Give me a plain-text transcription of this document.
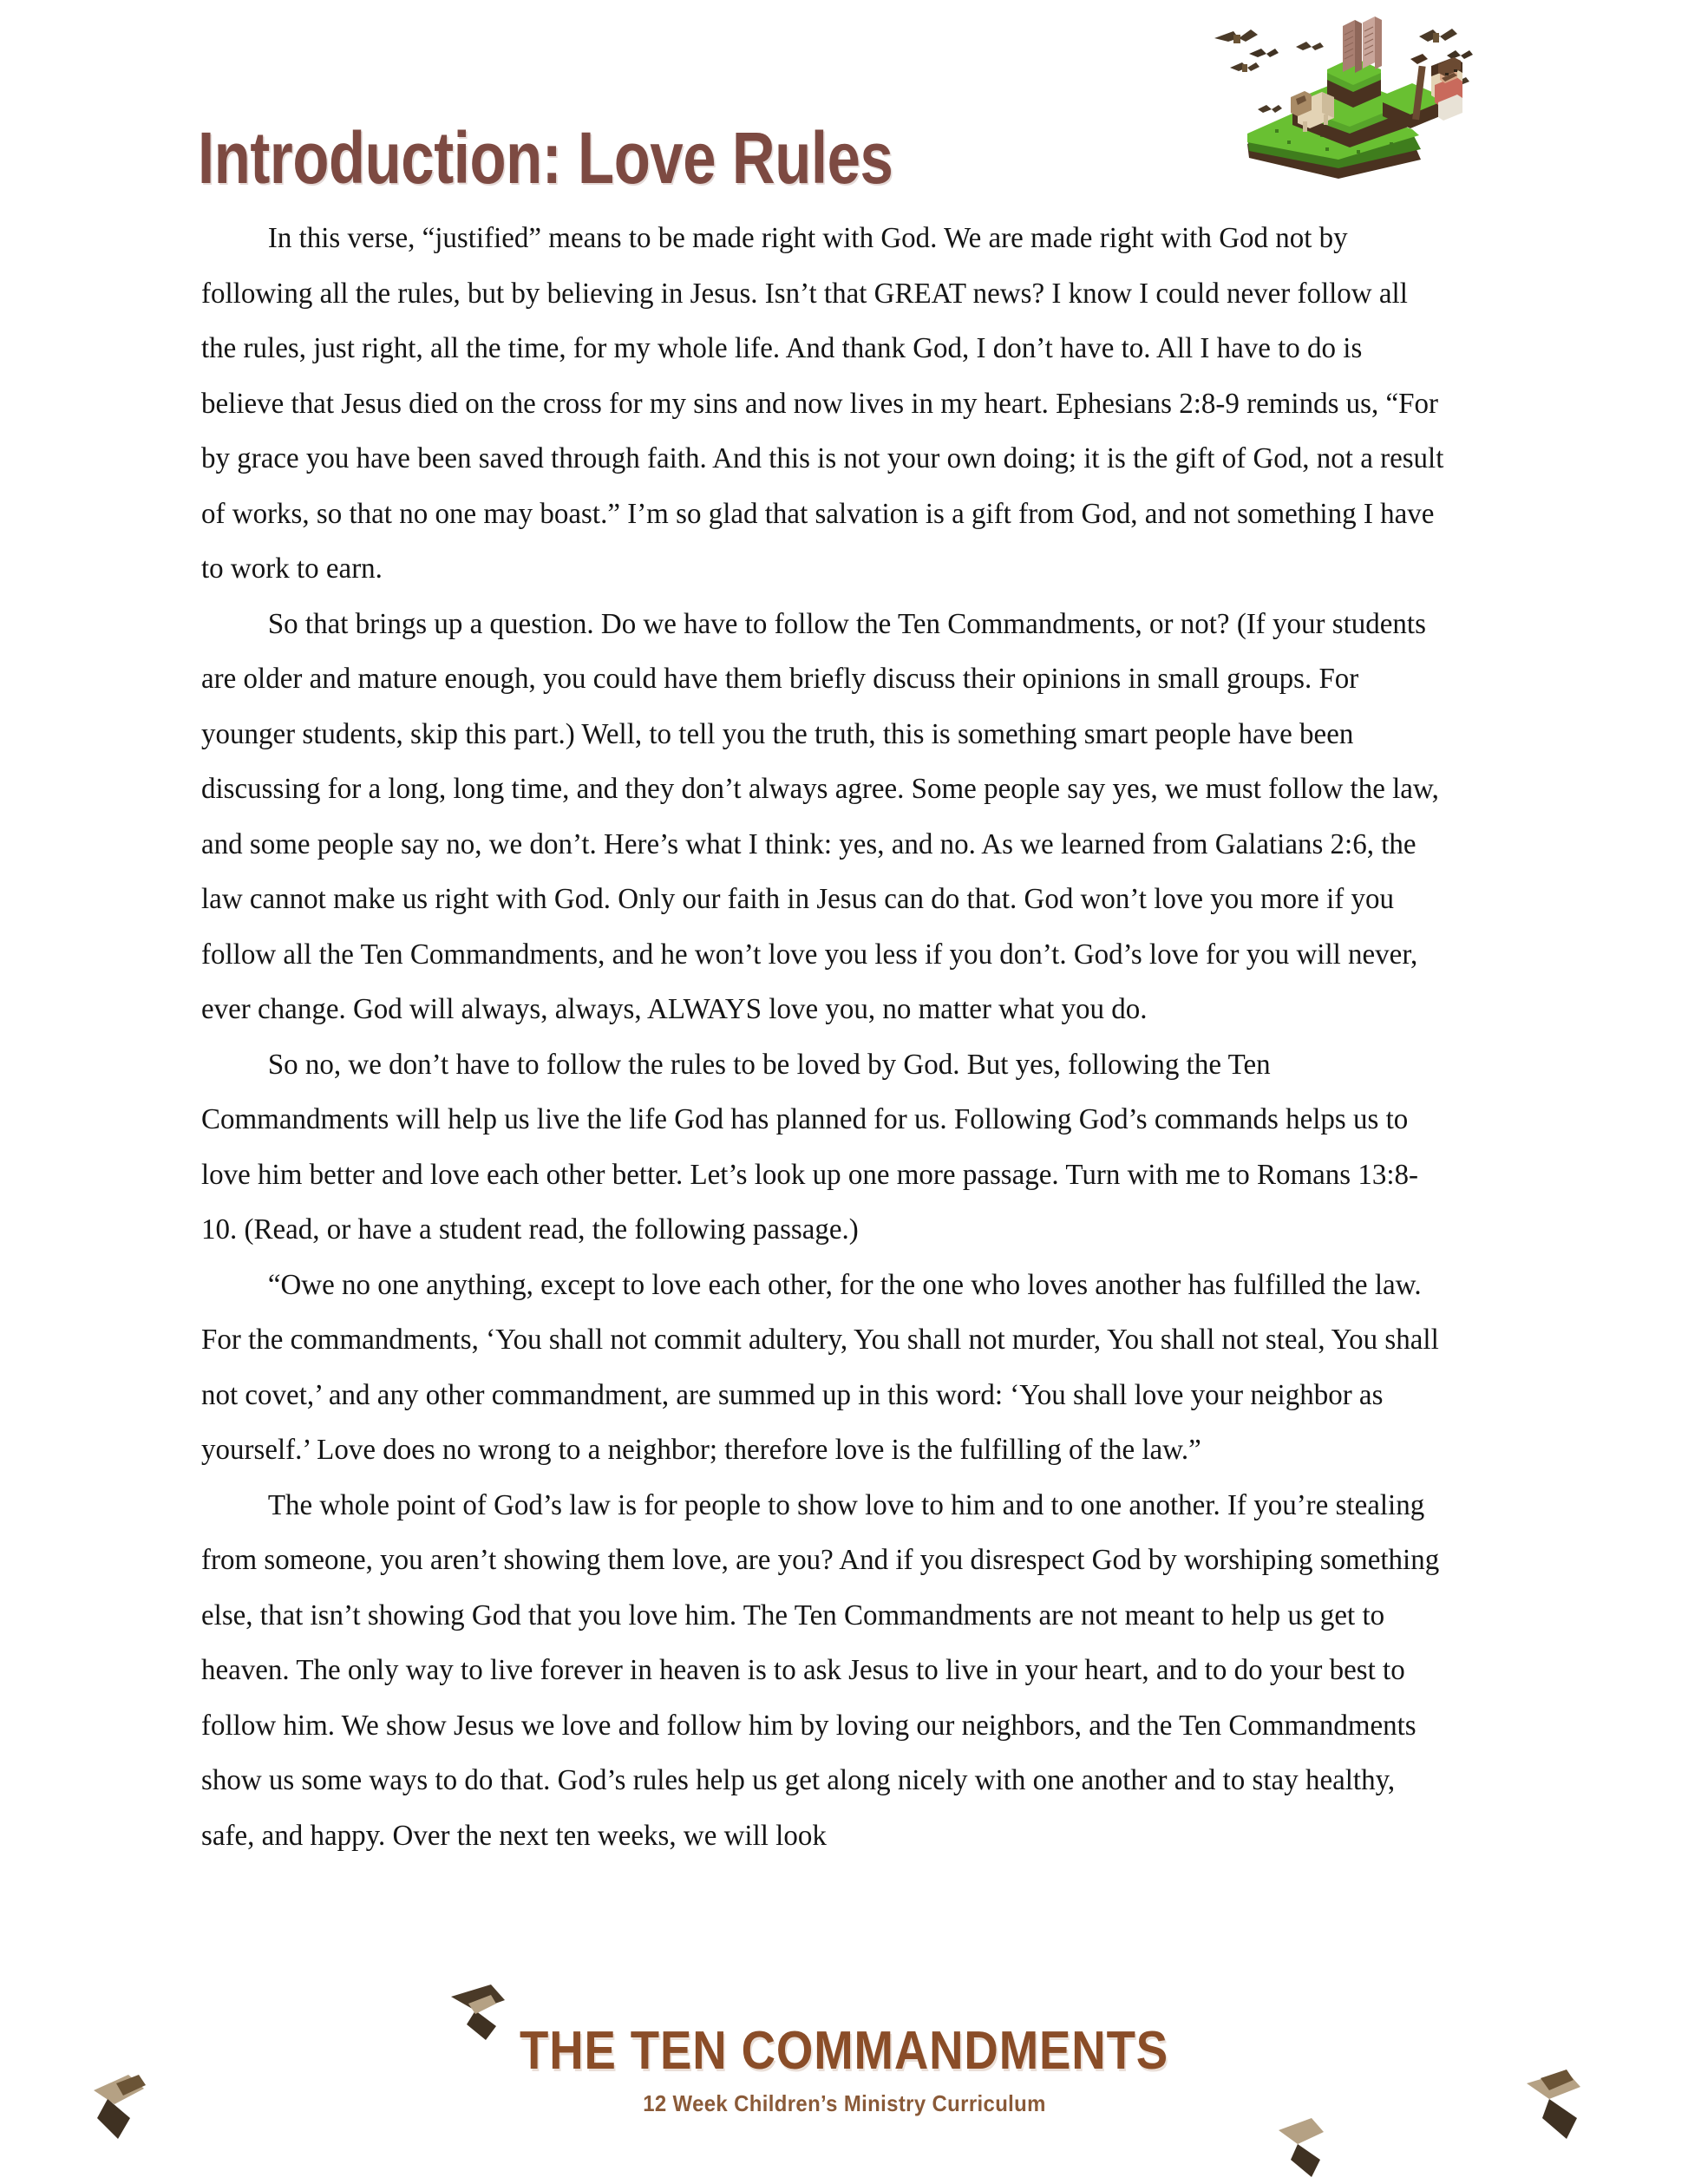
Introduction: Love Rules

In this verse, “justified” means to be made right with God. We are made right with God not by following all the rules, but by believing in Jesus. Isn’t that GREAT news? I know I could never follow all the rules, just right, all the time, for my whole life. And thank God, I don’t have to. All I have to do is believe that Jesus died on the cross for my sins and now lives in my heart. Ephesians 2:8-9 reminds us, “For by grace you have been saved through faith. And this is not your own doing; it is the gift of God, not a result of works, so that no one may boast.” I’m so glad that salvation is a gift from God, and not something I have to work to earn.

So that brings up a question. Do we have to follow the Ten Commandments, or not? (If your students are older and mature enough, you could have them briefly discuss their opinions in small groups. For younger students, skip this part.) Well, to tell you the truth, this is something smart people have been discussing for a long, long time, and they don’t always agree. Some people say yes, we must follow the law, and some people say no, we don’t. Here’s what I think: yes, and no. As we learned from Galatians 2:6, the law cannot make us right with God. Only our faith in Jesus can do that. God won’t love you more if you follow all the Ten Commandments, and he won’t love you less if you don’t. God’s love for you will never, ever change. God will always, always, ALWAYS love you, no matter what you do.

So no, we don’t have to follow the rules to be loved by God. But yes, following the Ten Commandments will help us live the life God has planned for us. Following God’s commands helps us to love him better and love each other better. Let’s look up one more passage. Turn with me to Romans 13:8-10. (Read, or have a student read, the following passage.)

“Owe no one anything, except to love each other, for the one who loves another has fulfilled the law. For the commandments, ‘You shall not commit adultery, You shall not murder, You shall not steal, You shall not covet,’ and any other commandment, are summed up in this word: ‘You shall love your neighbor as yourself.’ Love does no wrong to a neighbor; therefore love is the fulfilling of the law.”

The whole point of God’s law is for people to show love to him and to one another. If you’re stealing from someone, you aren’t showing them love, are you? And if you disrespect God by worshiping something else, that isn’t showing God that you love him. The Ten Commandments are not meant to help us get to heaven. The only way to live forever in heaven is to ask Jesus to live in your heart, and to do your best to follow him. We show Jesus we love and follow him by loving our neighbors, and the Ten Commandments show us some ways to do that. God’s rules help us get along nicely with one another and to stay healthy, safe, and happy. Over the next ten weeks, we will look

THE TEN COMMANDMENTS
12 Week Children’s Ministry Curriculum
